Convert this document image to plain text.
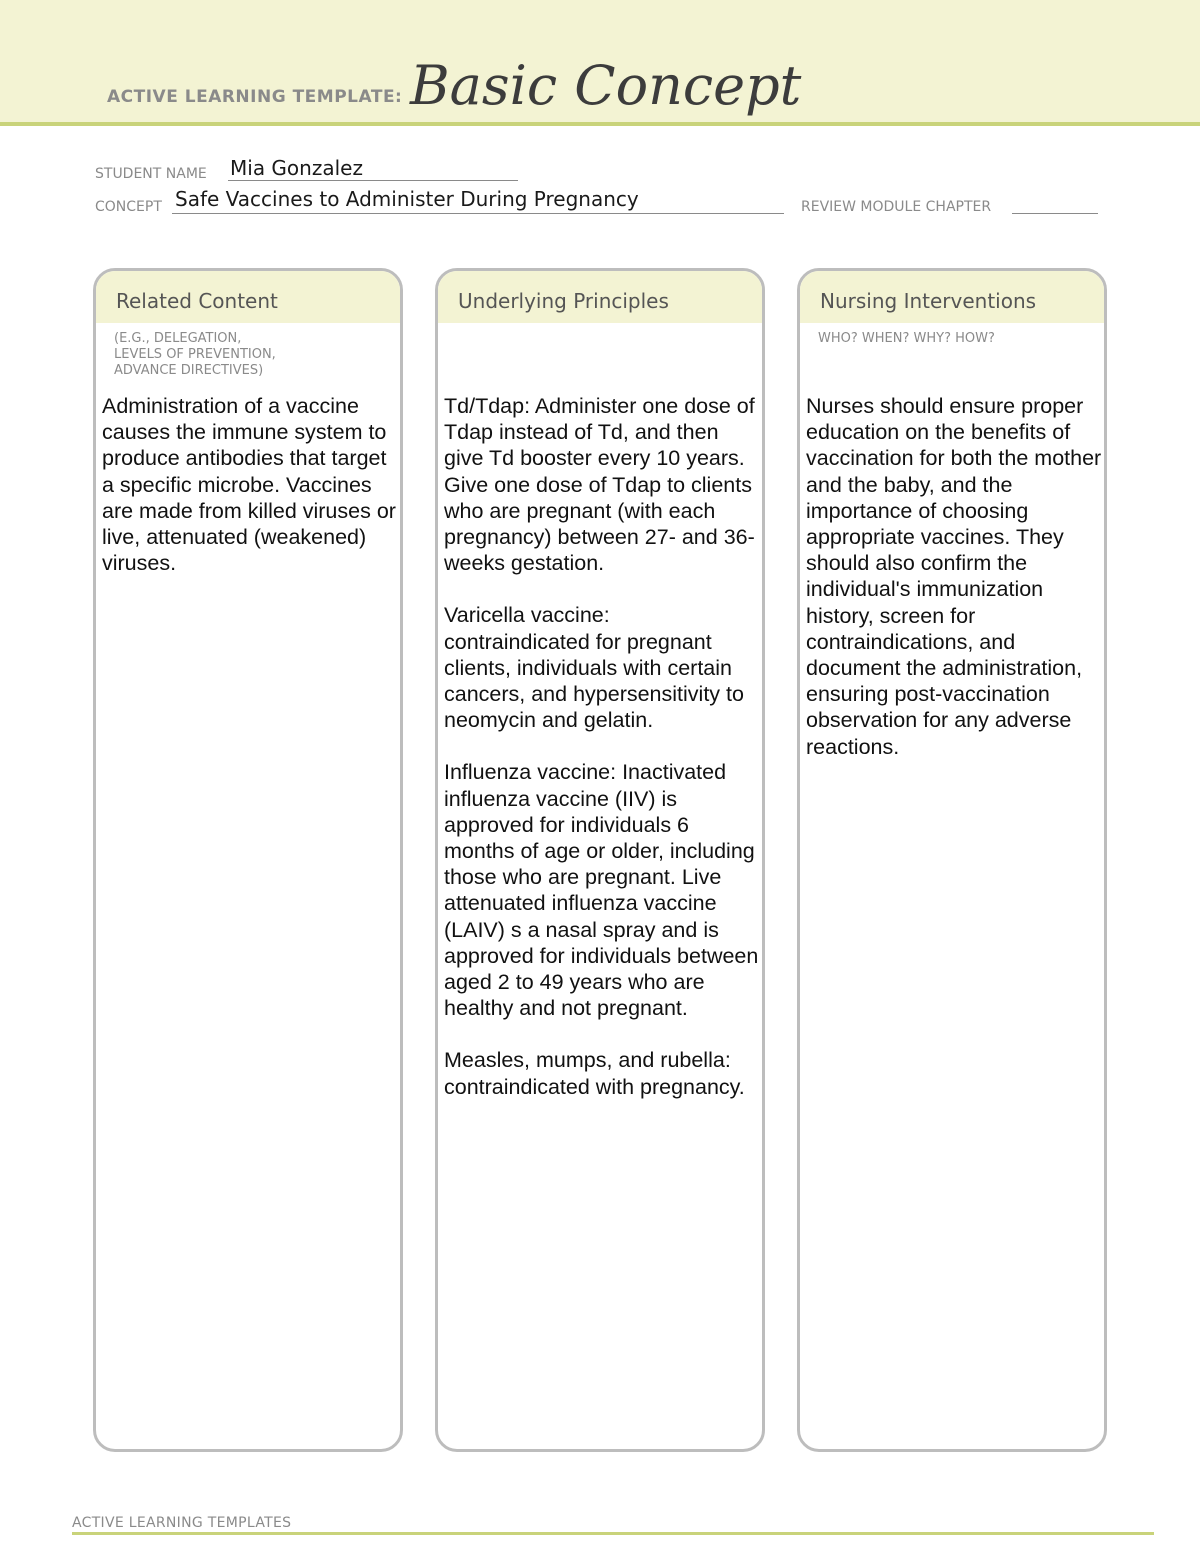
ACTIVE LEARNING TEMPLATE: Basic Concept
STUDENT NAME Mia Gonzalez
CONCEPT Safe Vaccines to Administer During Pregnancy	REVIEW MODULE CHAPTER
Related Content
(E.G., DELEGATION,
LEVELS OF PREVENTION,
ADVANCE DIRECTIVES)

Administration of a vaccine causes the immune system to produce antibodies that target a specific microbe. Vaccines are made from killed viruses or live, attenuated (weakened) viruses.

Underlying Principles

Td/Tdap: Administer one dose of Tdap instead of Td, and then give Td booster every 10 years. Give one dose of Tdap to clients who are pregnant (with each pregnancy) between 27- and 36-weeks gestation.

Varicella vaccine: contraindicated for pregnant clients, individuals with certain cancers, and hypersensitivity to neomycin and gelatin.

Influenza vaccine: Inactivated influenza vaccine (IIV) is approved for individuals 6 months of age or older, including those who are pregnant. Live attenuated influenza vaccine (LAIV) s a nasal spray and is approved for individuals between aged 2 to 49 years who are healthy and not pregnant.

Measles, mumps, and rubella: contraindicated with pregnancy.

Nursing Interventions
WHO? WHEN? WHY? HOW?

Nurses should ensure proper education on the benefits of vaccination for both the mother and the baby, and the importance of choosing appropriate vaccines. They should also confirm the individual's immunization history, screen for contraindications, and document the administration, ensuring post-vaccination observation for any adverse reactions.

ACTIVE LEARNING TEMPLATES
